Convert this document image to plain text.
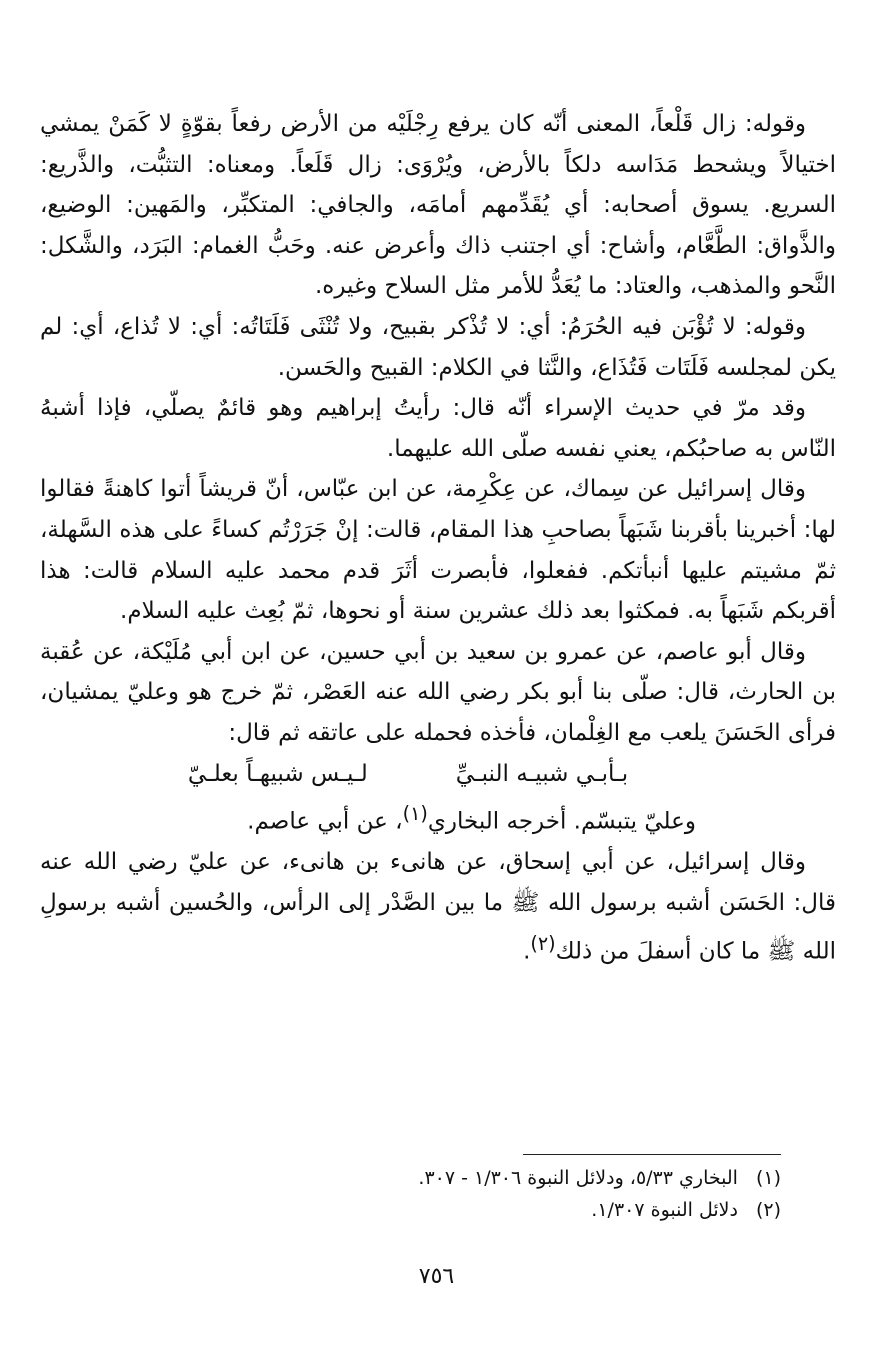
وقوله: زال قَلْعاً، المعنى أنّه كان يرفع رِجْلَيْه من الأرض رفعاً بقوّةٍ لا كَمَنْ يمشي اختيالاً ويشحط مَدَاسه دلكاً بالأرض، ويُرْوَى: زال قَلَعاً. ومعناه: التثبُّت، والذَّريع: السريع. يسوق أصحابه: أي يُقَدِّمهم أمامَه، والجافي: المتكبِّر، والمَهين: الوضيع، والذَّواق: الطَّعَّام، وأشاح: أي اجتنب ذاك وأعرض عنه. وحَبُّ الغمام: البَرَد، والشَّكل: النَّحو والمذهب، والعتاد: ما يُعَدُّ للأمر مثل السلاح وغيره.

وقوله: لا تُؤْبَن فيه الحُرَمُ: أي: لا تُذْكر بقبيح، ولا تُنْثَى فَلَتَاتُه: أي: لا تُذاع، أي: لم يكن لمجلسه فَلَتَات فَتُذَاع، والنَّثا في الكلام: القبيح والحَسن.

وقد مرّ في حديث الإسراء أنّه قال: رأيتُ إبراهيم وهو قائمٌ يصلّي، فإذا أشبهُ النّاس به صاحبُكم، يعني نفسه صلّى الله عليهما.

وقال إسرائيل عن سِماك، عن عِكْرِمة، عن ابن عبّاس، أنّ قريشاً أتوا كاهنةً فقالوا لها: أخبرينا بأقربنا شَبَهاً بصاحبِ هذا المقام، قالت: إنْ جَرَرْتُم كساءً على هذه السَّهلة، ثمّ مشيتم عليها أنبأتكم. ففعلوا، فأبصرت أثَرَ قدم محمد عليه السلام قالت: هذا أقربكم شَبَهاً به. فمكثوا بعد ذلك عشرين سنة أو نحوها، ثمّ بُعِث عليه السلام.

وقال أبو عاصم، عن عمرو بن سعيد بن أبي حسين، عن ابن أبي مُلَيْكة، عن عُقبة بن الحارث، قال: صلّى بنا أبو بكر رضي الله عنه العَصْر، ثمّ خرج هو وعليّ يمشيان، فرأى الحَسَنَ يلعب مع الغِلْمان، فأخذه فحمله على عاتقه ثم قال:

بـأبـي شبيـه النبـيِّ
لـيـس شبيهـاً بعلـيّ

وعليّ يتبسّم. أخرجه البخاري$^{(١)}$، عن أبي عاصم.

وقال إسرائيل، عن أبي إسحاق، عن هانىء بن هانىء، عن عليّ رضي الله عنه قال: الحَسَن أشبه برسول الله ﷺ ما بين الصَّدْر إلى الرأس، والحُسين أشبه برسولِ الله ﷺ ما كان أسفلَ من ذلك$^{(٢)}$.

(١)البخاري ٥/٣٣، ودلائل النبوة ١/٣٠٦ - ٣٠٧.

(٢)دلائل النبوة ١/٣٠٧.

٧٥٦
